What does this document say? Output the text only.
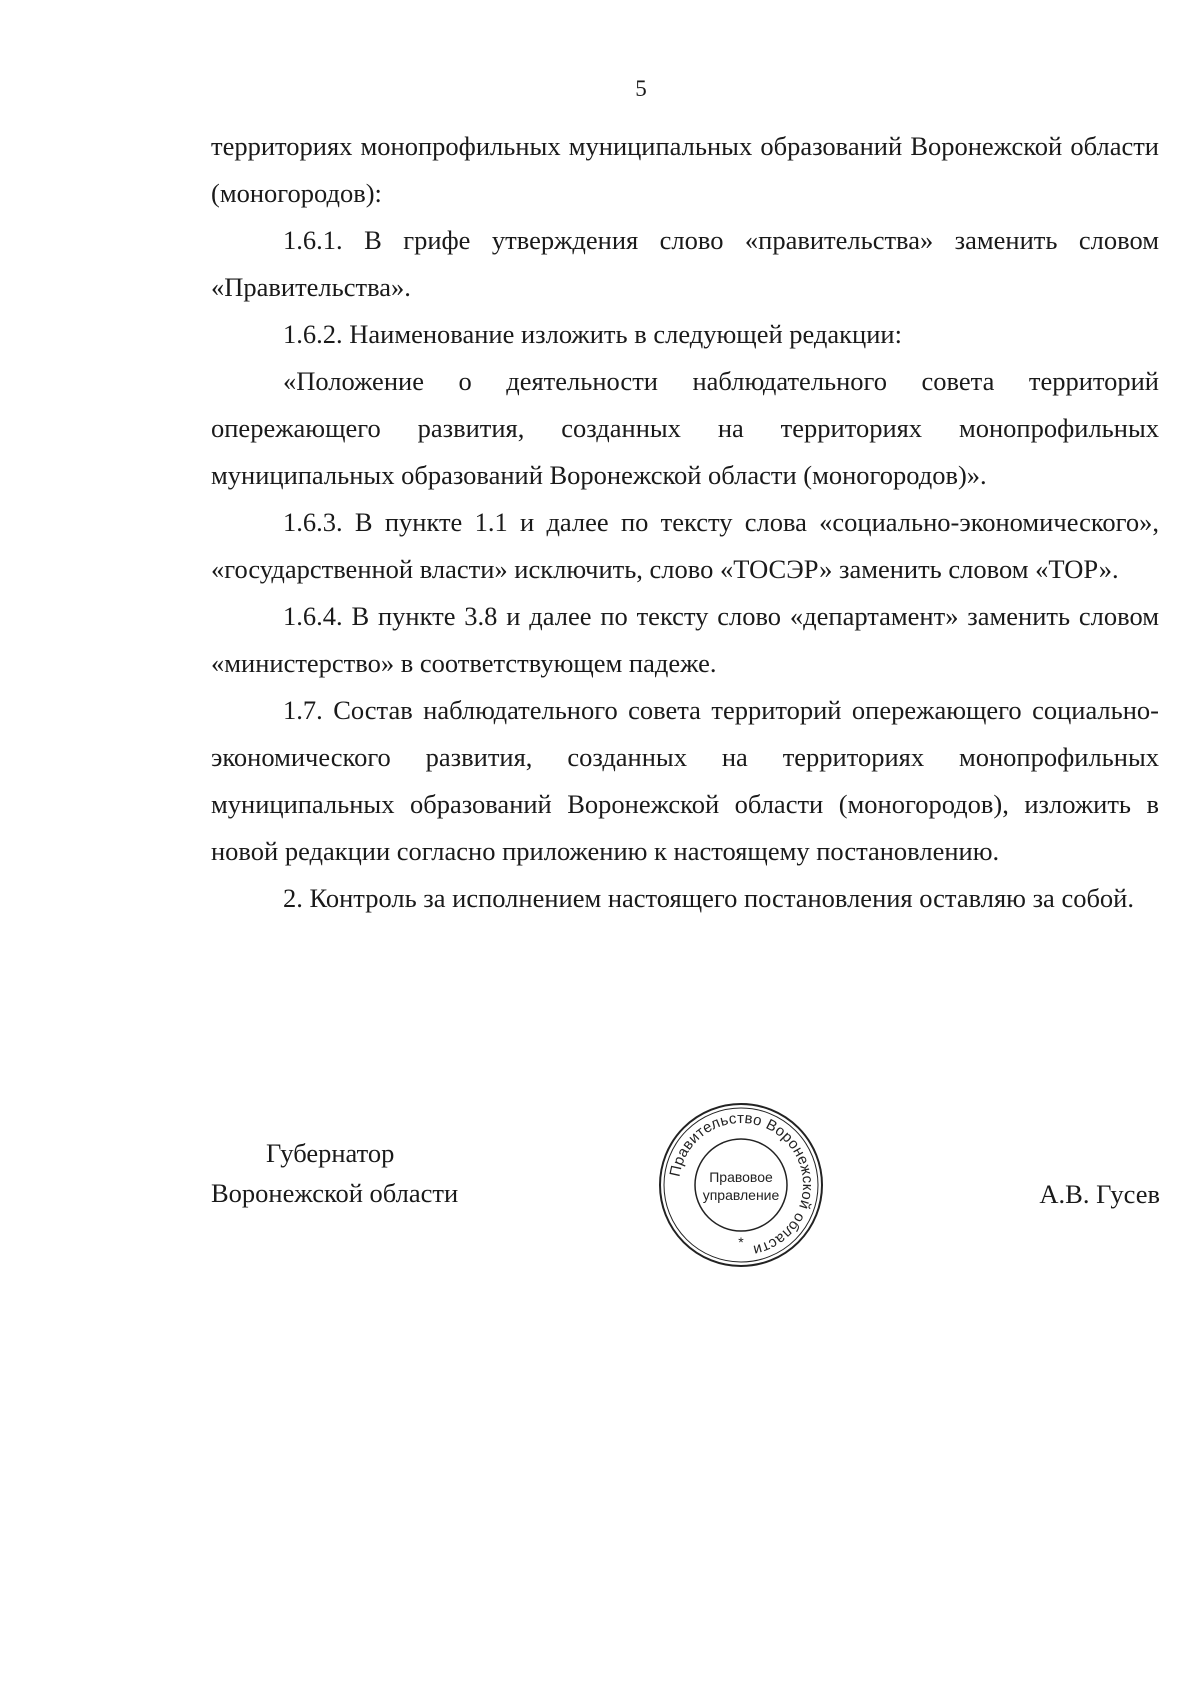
5

территориях монопрофильных муниципальных образований Воронежской области (моногородов):

1.6.1. В грифе утверждения слово «правительства» заменить словом «Правительства».

1.6.2. Наименование изложить в следующей редакции:

«Положение о деятельности наблюдательного совета территорий опережающего развития, созданных на территориях монопрофильных муниципальных образований Воронежской области (моногородов)».

1.6.3. В пункте 1.1 и далее по тексту слова «социально-экономического», «государственной власти» исключить, слово «ТОСЭР» заменить словом «ТОР».

1.6.4. В пункте 3.8 и далее по тексту слово «департамент» заменить словом «министерство» в соответствующем падеже.

1.7. Состав наблюдательного совета территорий опережающего социально-экономического развития, созданных на территориях монопрофильных муниципальных образований Воронежской области (моногородов), изложить в новой редакции согласно приложению к настоящему постановлению.

2. Контроль за исполнением настоящего постановления оставляю за собой.

Губернатор
Воронежской области	А.В. Гусев
Правительство Воронежской области
Правовое
управление
*
